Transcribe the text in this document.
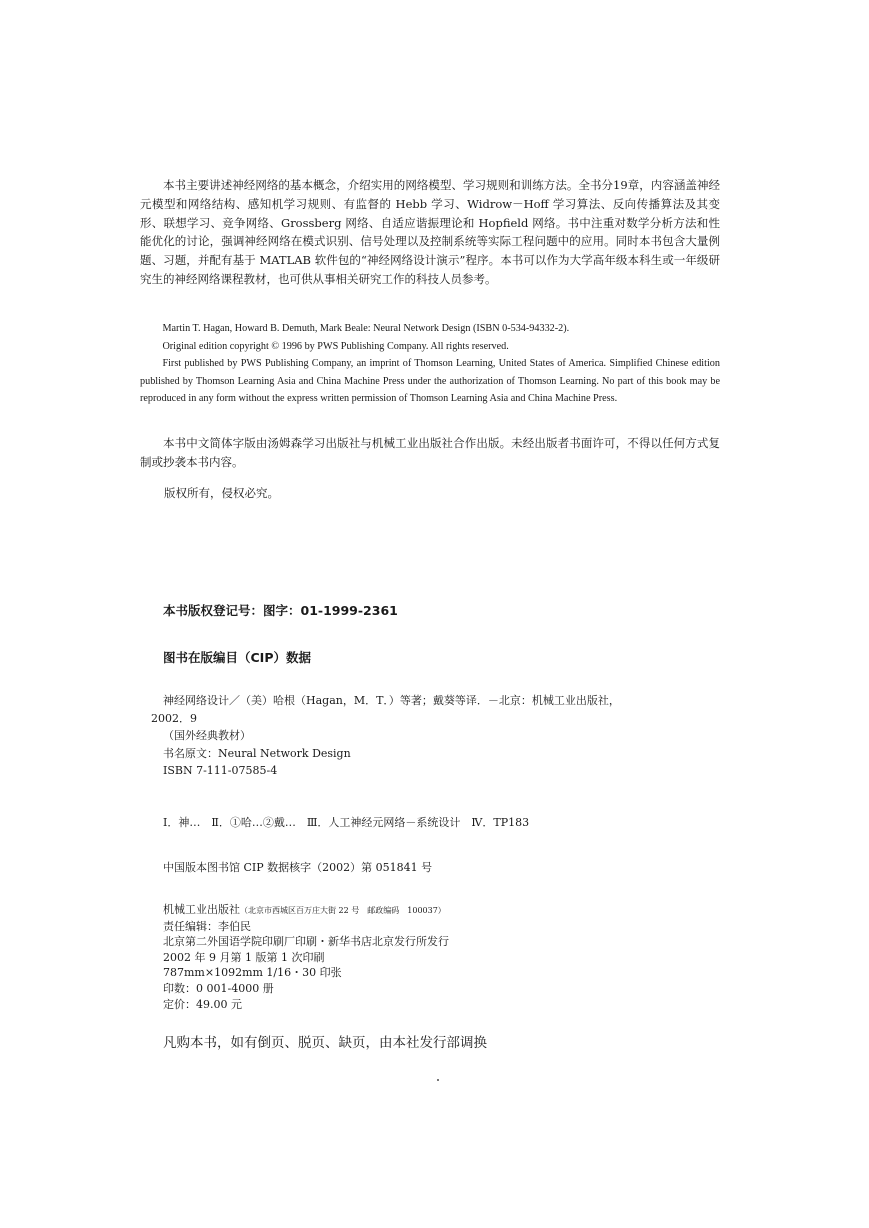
本书主要讲述神经网络的基本概念，介绍实用的网络模型、学习规则和训练方法。全书分19章，内容涵盖神经元模型和网络结构、感知机学习规则、有监督的 Hebb 学习、Widrow－Hoff 学习算法、反向传播算法及其变形、联想学习、竞争网络、Grossberg 网络、自适应谐振理论和 Hopfield 网络。书中注重对数学分析方法和性能优化的讨论，强调神经网络在模式识别、信号处理以及控制系统等实际工程问题中的应用。同时本书包含大量例题、习题，并配有基于 MATLAB 软件包的“神经网络设计演示”程序。本书可以作为大学高年级本科生或一年级研究生的神经网络课程教材，也可供从事相关研究工作的科技人员参考。

Martin T. Hagan, Howard B. Demuth, Mark Beale: Neural Network Design (ISBN 0-534-94332-2).

Original edition copyright © 1996 by PWS Publishing Company. All rights reserved.

First published by PWS Publishing Company, an imprint of Thomson Learning, United States of America. Simplified Chinese edition published by Thomson Learning Asia and China Machine Press under the authorization of Thomson Learning. No part of this book may be reproduced in any form without the express written permission of Thomson Learning Asia and China Machine Press.

本书中文简体字版由汤姆森学习出版社与机械工业出版社合作出版。未经出版者书面许可，不得以任何方式复制或抄袭本书内容。

版权所有，侵权必究。

本书版权登记号：图字：01-1999-2361

图书在版编目（CIP）数据

神经网络设计／（美）哈根（Hagan，M．T．）等著；戴葵等译．－北京：机械工业出版社，
2002．9
（国外经典教材）
书名原文：Neural Network Design
ISBN 7-111-07585-4

Ⅰ．神…　Ⅱ．①哈…②戴…　Ⅲ．人工神经元网络－系统设计　Ⅳ．TP183

中国版本图书馆 CIP 数据核字（2002）第 051841 号

机械工业出版社（北京市西城区百万庄大街 22 号　邮政编码　100037）
责任编辑：李伯民
北京第二外国语学院印刷厂印刷・新华书店北京发行所发行
2002 年 9 月第 1 版第 1 次印刷
787mm×1092mm 1/16・30 印张
印数：0 001-4000 册
定价：49.00 元

凡购本书，如有倒页、脱页、缺页，由本社发行部调换
